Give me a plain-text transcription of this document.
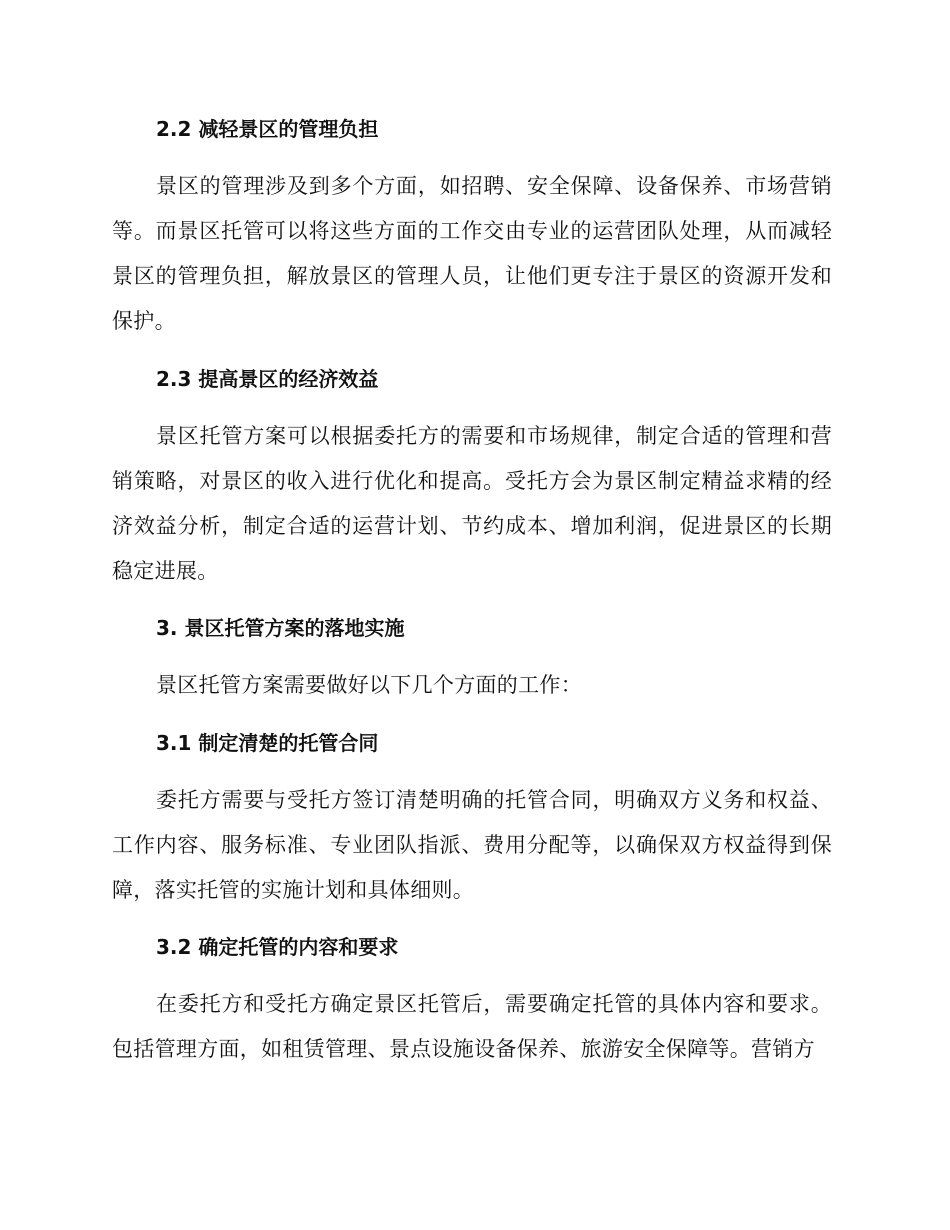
2.2 减轻景区的管理负担
景区的管理涉及到多个方面，如招聘、安全保障、设备保养、市场营销等。而景区托管可以将这些方面的工作交由专业的运营团队处理，从而减轻景区的管理负担，解放景区的管理人员，让他们更专注于景区的资源开发和保护。
2.3 提高景区的经济效益
景区托管方案可以根据委托方的需要和市场规律，制定合适的管理和营销策略，对景区的收入进行优化和提高。受托方会为景区制定精益求精的经济效益分析，制定合适的运营计划、节约成本、增加利润，促进景区的长期稳定进展。
3. 景区托管方案的落地实施
景区托管方案需要做好以下几个方面的工作：
3.1 制定清楚的托管合同
委托方需要与受托方签订清楚明确的托管合同，明确双方义务和权益、工作内容、服务标准、专业团队指派、费用分配等，以确保双方权益得到保障，落实托管的实施计划和具体细则。
3.2 确定托管的内容和要求
在委托方和受托方确定景区托管后，需要确定托管的具体内容和要求。包括管理方面，如租赁管理、景点设施设备保养、旅游安全保障等。营销方
